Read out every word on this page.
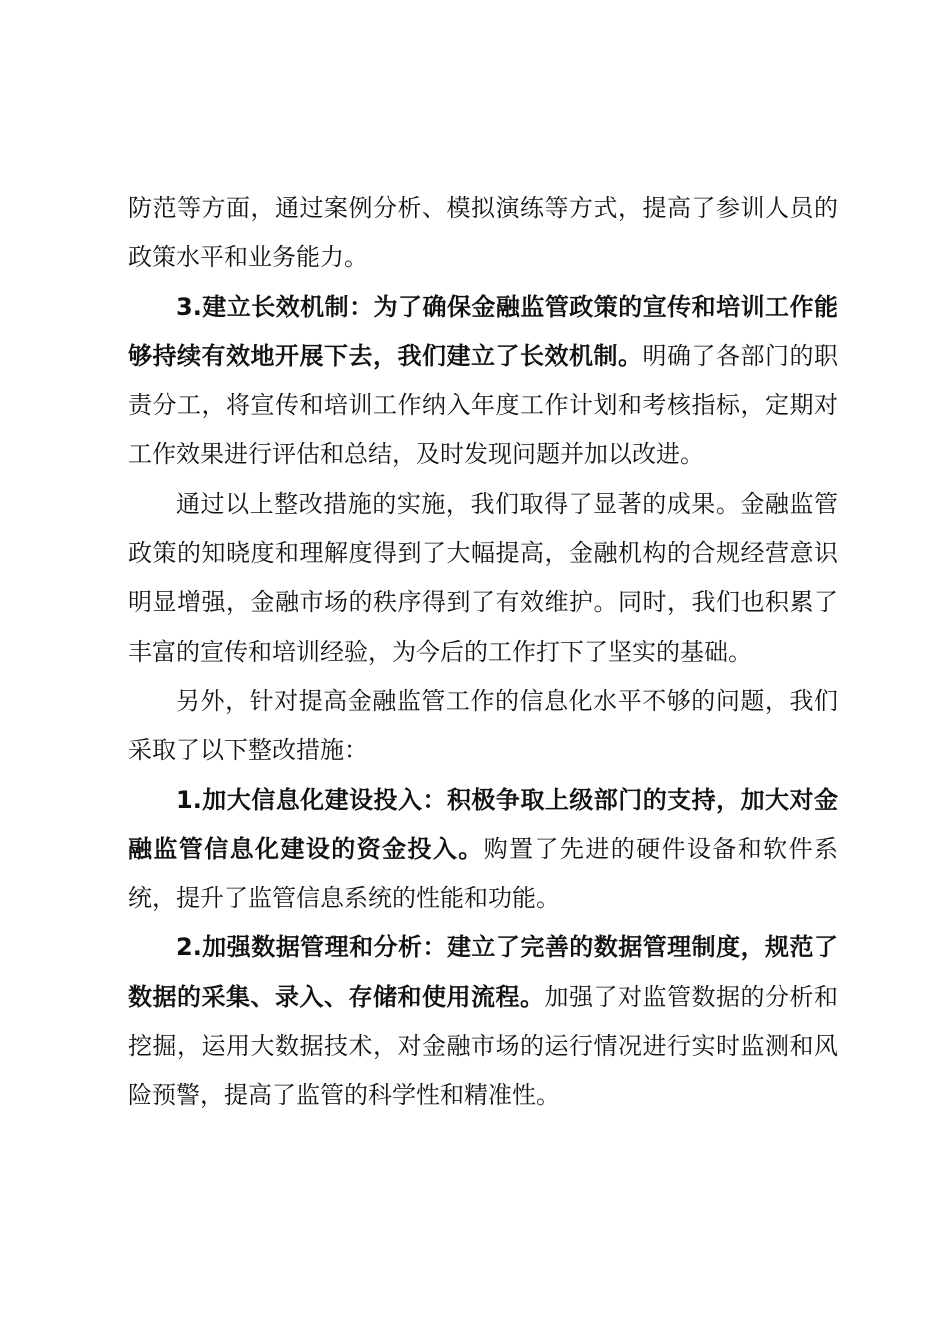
防范等方面，通过案例分析、模拟演练等方式，提高了参训人员的政策水平和业务能力。

3.建立长效机制：为了确保金融监管政策的宣传和培训工作能够持续有效地开展下去，我们建立了长效机制。明确了各部门的职责分工，将宣传和培训工作纳入年度工作计划和考核指标，定期对工作效果进行评估和总结，及时发现问题并加以改进。

通过以上整改措施的实施，我们取得了显著的成果。金融监管政策的知晓度和理解度得到了大幅提高，金融机构的合规经营意识明显增强，金融市场的秩序得到了有效维护。同时，我们也积累了丰富的宣传和培训经验，为今后的工作打下了坚实的基础。

另外，针对提高金融监管工作的信息化水平不够的问题，我们采取了以下整改措施：

1.加大信息化建设投入：积极争取上级部门的支持，加大对金融监管信息化建设的资金投入。购置了先进的硬件设备和软件系统，提升了监管信息系统的性能和功能。

2.加强数据管理和分析：建立了完善的数据管理制度，规范了数据的采集、录入、存储和使用流程。加强了对监管数据的分析和挖掘，运用大数据技术，对金融市场的运行情况进行实时监测和风险预警，提高了监管的科学性和精准性。
